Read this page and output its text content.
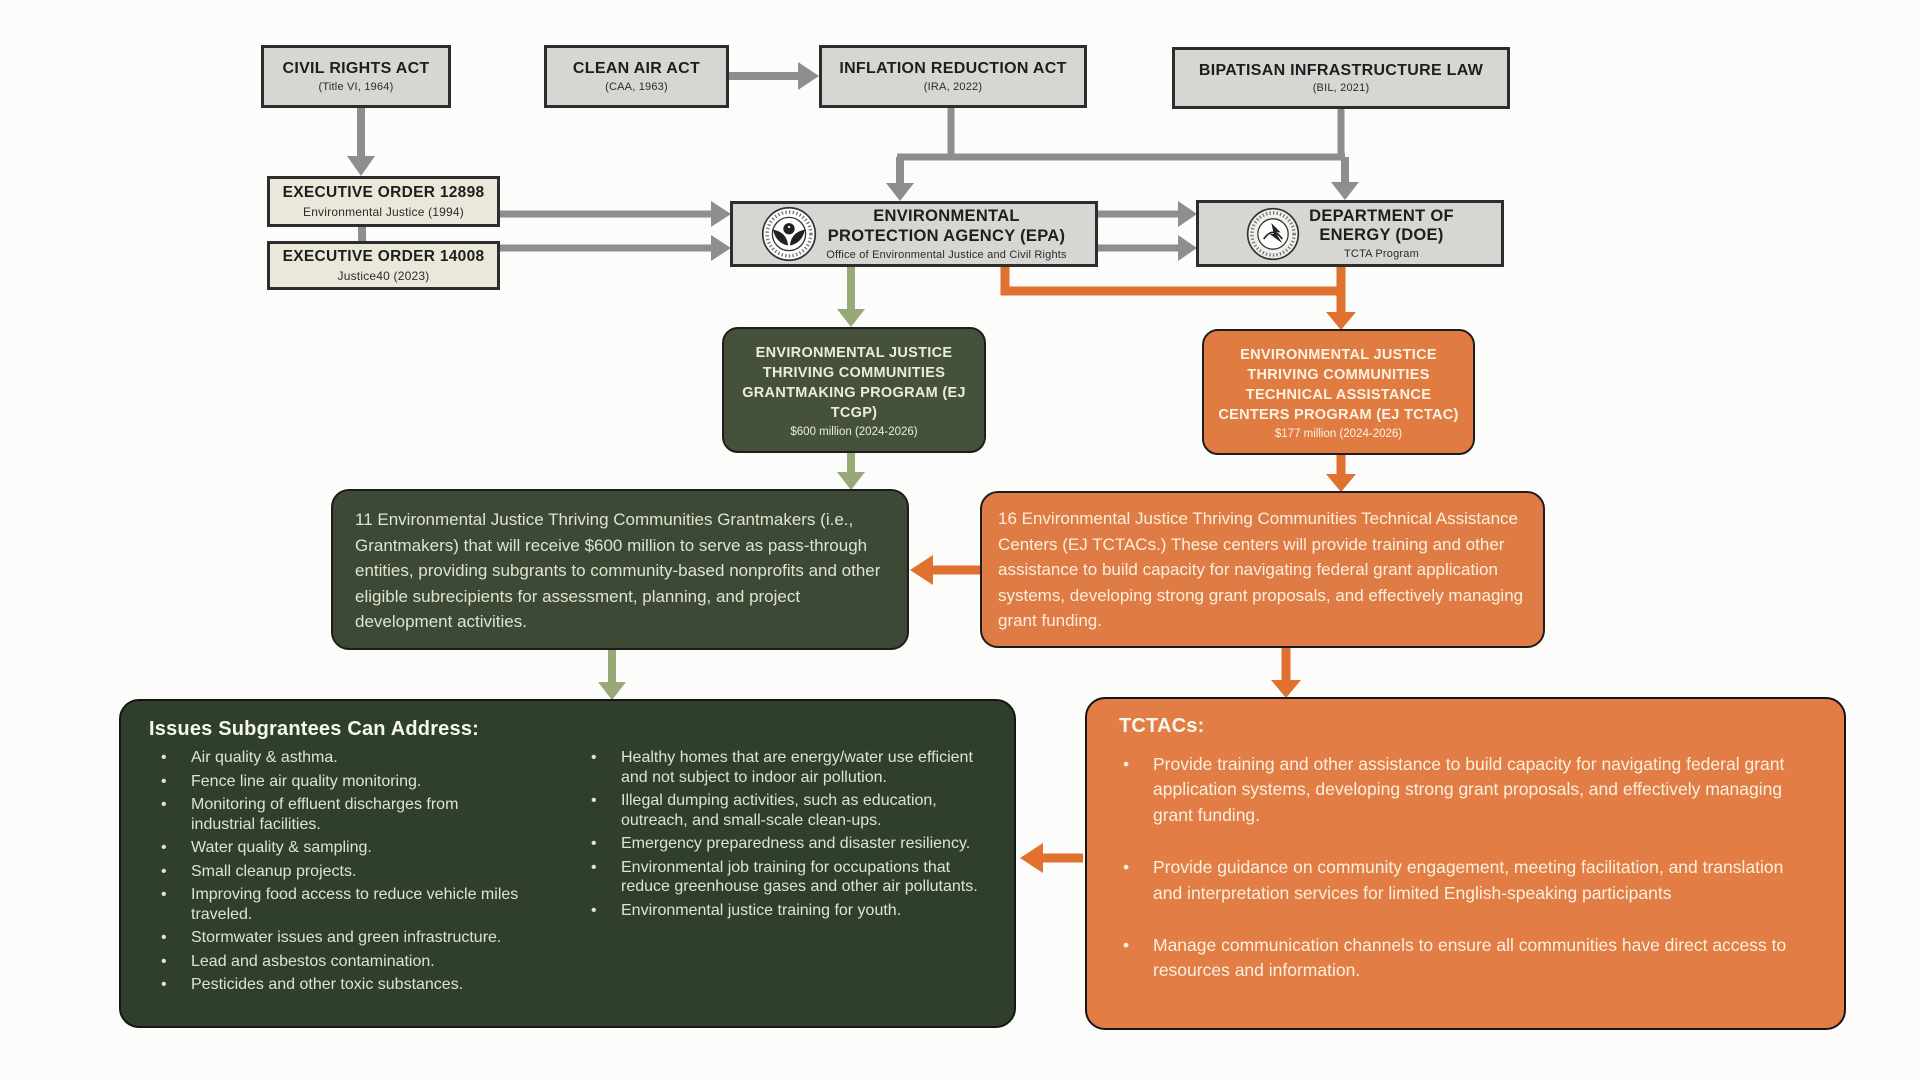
CIVIL RIGHTS ACT
(Title VI, 1964)
CLEAN AIR ACT
(CAA, 1963)
INFLATION REDUCTION ACT
(IRA, 2022)
BIPATISAN INFRASTRUCTURE LAW
(BIL, 2021)
EXECUTIVE ORDER 12898
Environmental Justice (1994)
EXECUTIVE ORDER 14008
Justice40 (2023)
ENVIRONMENTAL
PROTECTION AGENCY (EPA)
Office of Environmental Justice and Civil Rights
DEPARTMENT OF
ENERGY (DOE)
TCTA Program
ENVIRONMENTAL JUSTICE THRIVING COMMUNITIES GRANTMAKING PROGRAM (EJ TCGP)
$600 million (2024-2026)
ENVIRONMENTAL JUSTICE THRIVING COMMUNITIES TECHNICAL ASSISTANCE CENTERS PROGRAM (EJ TCTAC)
$177 million (2024-2026)
11 Environmental Justice Thriving Communities Grantmakers (i.e., Grantmakers) that will receive $600 million to serve as pass-through entities, providing subgrants to community-based nonprofits and other eligible subrecipients for assessment, planning, and project development activities.
16 Environmental Justice Thriving Communities Technical Assistance Centers (EJ TCTACs.) These centers will provide training and other assistance to build capacity for navigating federal grant application systems, developing strong grant proposals, and effectively managing grant funding.
Issues Subgrantees Can Address:
• Air quality & asthma.
• Fence line air quality monitoring.
• Monitoring of effluent discharges from industrial facilities.
• Water quality & sampling.
• Small cleanup projects.
• Improving food access to reduce vehicle miles traveled.
• Stormwater issues and green infrastructure.
• Lead and asbestos contamination.
• Pesticides and other toxic substances.
• Healthy homes that are energy/water use efficient and not subject to indoor air pollution.
• Illegal dumping activities, such as education, outreach, and small-scale clean-ups.
• Emergency preparedness and disaster resiliency.
• Environmental job training for occupations that reduce greenhouse gases and other air pollutants.
• Environmental justice training for youth.
TCTACs:
• Provide training and other assistance to build capacity for navigating federal grant application systems, developing strong grant proposals, and effectively managing grant funding.
• Provide guidance on community engagement, meeting facilitation, and translation and interpretation services for limited English-speaking participants
• Manage communication channels to ensure all communities have direct access to resources and information.
